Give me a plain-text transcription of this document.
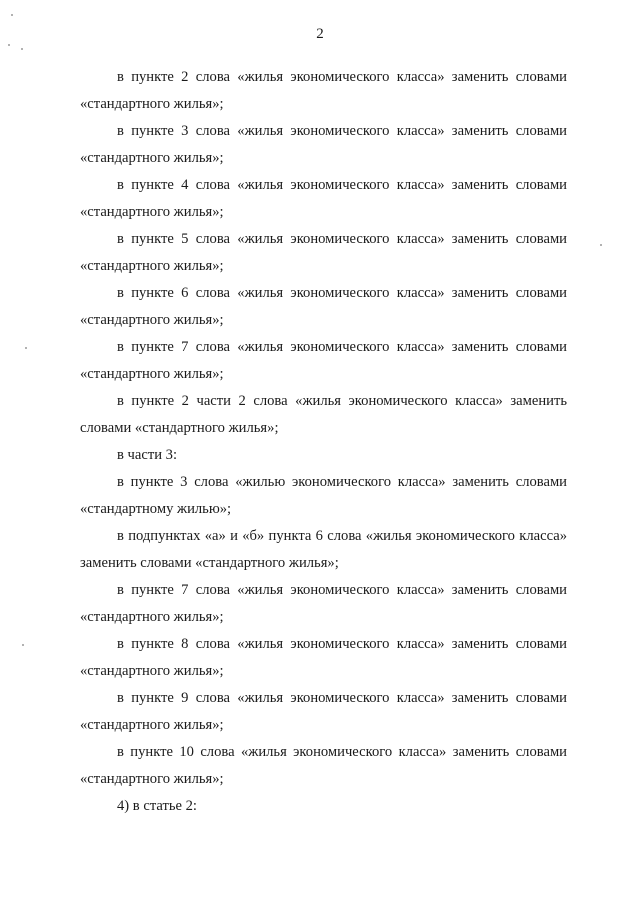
2

в пункте 2 слова «жилья экономического класса» заменить словами «стандартного жилья»;

в пункте 3 слова «жилья экономического класса» заменить словами «стандартного жилья»;

в пункте 4 слова «жилья экономического класса» заменить словами «стандартного жилья»;

в пункте 5 слова «жилья экономического класса» заменить словами «стандартного жилья»;

в пункте 6 слова «жилья экономического класса» заменить словами «стандартного жилья»;

в пункте 7 слова «жилья экономического класса» заменить словами «стандартного жилья»;

в пункте 2 части 2 слова «жилья экономического класса» заменить словами «стандартного жилья»;

в части 3:

в пункте 3 слова «жилью экономического класса» заменить словами «стандартному жилью»;

в подпунктах «а» и «б» пункта 6 слова «жилья экономического класса» заменить словами «стандартного жилья»;

в пункте 7 слова «жилья экономического класса» заменить словами «стандартного жилья»;

в пункте 8 слова «жилья экономического класса» заменить словами «стандартного жилья»;

в пункте 9 слова «жилья экономического класса» заменить словами «стандартного жилья»;

в пункте 10 слова «жилья экономического класса» заменить словами «стандартного жилья»;

4) в статье 2:
